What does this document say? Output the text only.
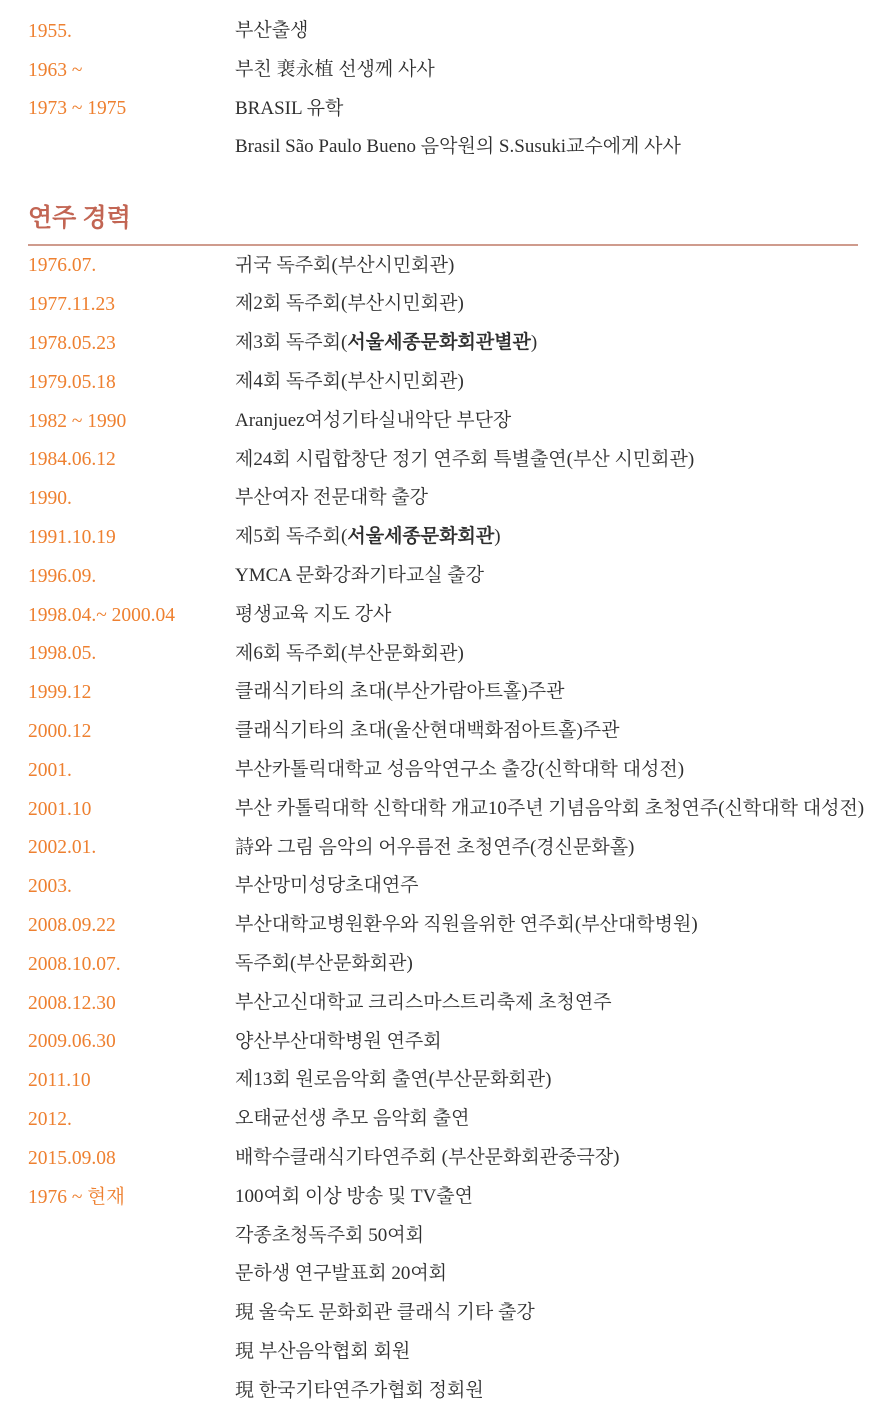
1955.	부산출생
1963 ~	부친 裵永植 선생께 사사
1973 ~ 1975	BRASIL 유학
Brasil São Paulo Bueno 음악원의 S.Susuki교수에게 사사
연주 경력
1976.07.	귀국 독주회(부산시민회관)
1977.11.23	제2회 독주회(부산시민회관)
1978.05.23	제3회 독주회(서울세종문화회관별관)
1979.05.18	제4회 독주회(부산시민회관)
1982 ~ 1990	Aranjuez여성기타실내악단 부단장
1984.06.12	제24회 시립합창단 정기 연주회 특별출연(부산 시민회관)
1990.	부산여자 전문대학 출강
1991.10.19	제5회 독주회(서울세종문화회관)
1996.09.	YMCA 문화강좌기타교실 출강
1998.04.~ 2000.04	평생교육 지도 강사
1998.05.	제6회 독주회(부산문화회관)
1999.12	클래식기타의 초대(부산가람아트홀)주관
2000.12	클래식기타의 초대(울산현대백화점아트홀)주관
2001.	부산카톨릭대학교 성음악연구소 출강(신학대학 대성전)
2001.10	부산 카톨릭대학 신학대학 개교10주년 기념음악회 초청연주(신학대학 대성전)
2002.01.	詩와 그림 음악의 어우름전 초청연주(경신문화홀)
2003.	부산망미성당초대연주
2008.09.22	부산대학교병원환우와 직원을위한 연주회(부산대학병원)
2008.10.07.	독주회(부산문화회관)
2008.12.30	부산고신대학교 크리스마스트리축제 초청연주
2009.06.30	양산부산대학병원 연주회
2011.10	제13회 원로음악회 출연(부산문화회관)
2012.	오태균선생 추모 음악회 출연
2015.09.08	배학수클래식기타연주회 (부산문화회관중극장)
1976 ~ 현재	100여회 이상 방송 및 TV출연
각종초청독주회 50여회
문하생 연구발표회 20여회
現 울숙도 문화회관 클래식 기타 출강
現 부산음악협회 회원
現 한국기타연주가협회 정회원
